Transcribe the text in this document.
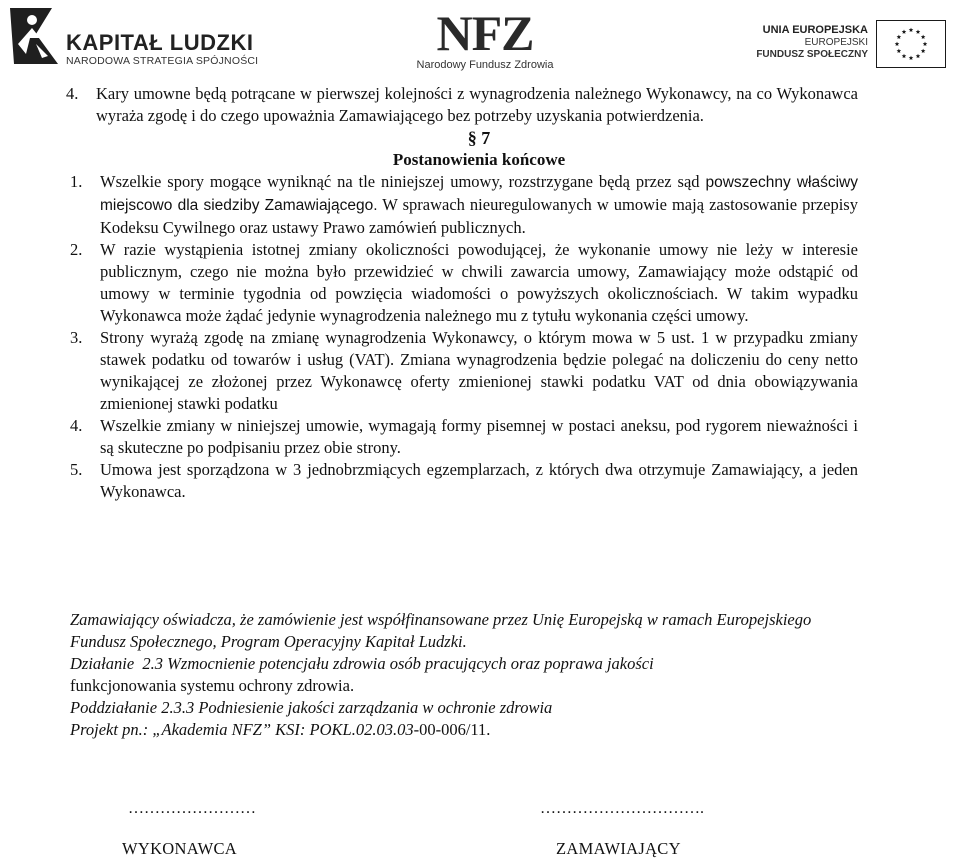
KAPITAŁ LUDZKI
NARODOWA STRATEGIA SPÓJNOŚCI	NFZ
Narodowy Fundusz Zdrowia
UNIA EUROPEJSKA
EUROPEJSKI
FUNDUSZ SPOŁECZNY
4. Kary umowne będą potrącane w pierwszej kolejności z wynagrodzenia należnego Wykonawcy, na co Wykonawca wyraża zgodę i do czego upoważnia Zamawiającego bez potrzeby uzyskania potwierdzenia.
§ 7
Postanowienia końcowe
1. Wszelkie spory mogące wyniknąć na tle niniejszej umowy, rozstrzygane będą przez sąd powszechny właściwy miejscowo dla siedziby Zamawiającego. W sprawach nieuregulowanych w umowie mają zastosowanie przepisy Kodeksu Cywilnego oraz ustawy Prawo zamówień publicznych.
2. W razie wystąpienia istotnej zmiany okoliczności powodującej, że wykonanie umowy nie leży w interesie publicznym, czego nie można było przewidzieć w chwili zawarcia umowy, Zamawiający może odstąpić od umowy w terminie tygodnia od powzięcia wiadomości o powyższych okolicznościach. W takim wypadku Wykonawca może żądać jedynie wynagrodzenia należnego mu z tytułu wykonania części umowy.
3. Strony wyrażą zgodę na zmianę wynagrodzenia Wykonawcy, o którym mowa w 5 ust. 1 w przypadku zmiany stawek podatku od towarów i usług (VAT). Zmiana wynagrodzenia będzie polegać na doliczeniu do ceny netto wynikającej ze złożonej przez Wykonawcę oferty zmienionej stawki podatku VAT od dnia obowiązywania zmienionej stawki podatku
4. Wszelkie zmiany w niniejszej umowie, wymagają formy pisemnej w postaci aneksu, pod rygorem nieważności i są skuteczne po podpisaniu przez obie strony.
5. Umowa jest sporządzona w 3 jednobrzmiących egzemplarzach, z których dwa otrzymuje Zamawiający, a jeden Wykonawca.
Zamawiający oświadcza, że zamówienie jest współfinansowane przez Unię Europejską w ramach Europejskiego Fundusz Społecznego, Program Operacyjny Kapitał Ludzki.
Działanie  2.3 Wzmocnienie potencjału zdrowia osób pracujących oraz poprawa jakości
funkcjonowania systemu ochrony zdrowia.
Poddziałanie 2.3.3 Podniesienie jakości zarządzania w ochronie zdrowia
Projekt pn.: „Akademia NFZ” KSI: POKL.02.03.03-00-006/11.
……………………	………………………….
WYKONAWCA	ZAMAWIAJĄCY
